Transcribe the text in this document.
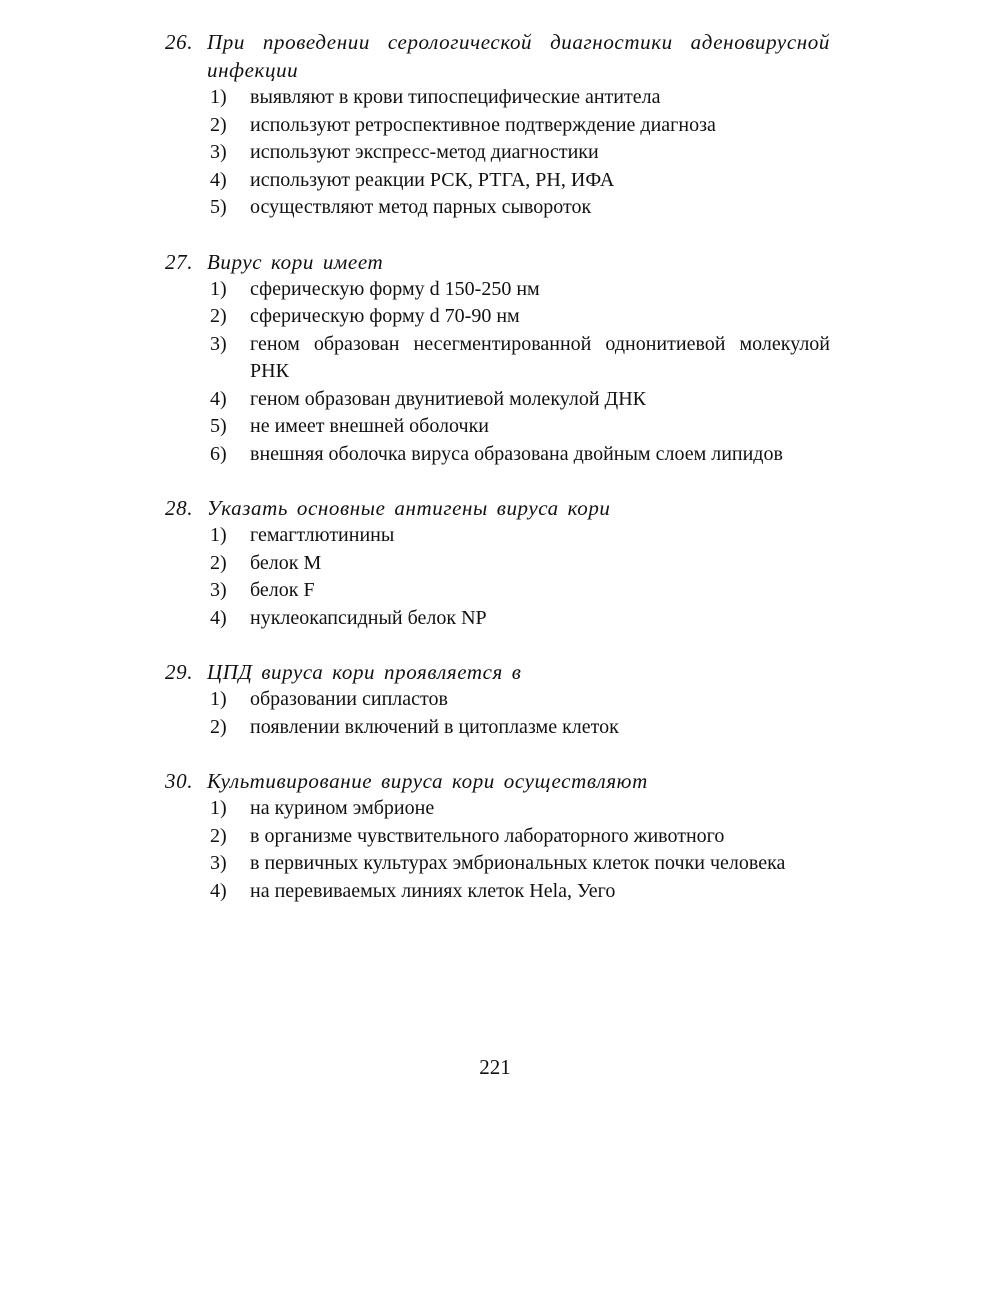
26. При проведении серологической диагностики аденовирусной инфекции
1)	выявляют в крови типоспецифические антитела
2)	используют ретроспективное подтверждение диагноза
3)	используют экспресс-метод диагностики
4)	используют реакции РСК, РТГА, РН, ИФА
5)	осуществляют метод парных сывороток
27. Вирус кори имеет
1)	сферическую форму d 150-250 нм
2)	сферическую форму d 70-90 нм
3)	геном образован несегментированной однонитиевой молекулой РНК
4)	геном образован двунитиевой молекулой ДНК
5)	не имеет внешней оболочки
6)	внешняя оболочка вируса образована двойным слоем липидов
28. Указать основные антигены вируса кори
1)	гемагтлютинины
2)	белок М
3)	белок F
4)	нуклеокапсидный белок NP
29. ЦПД вируса кори проявляется в
1)	образовании сипластов
2)	появлении включений в цитоплазме клеток
30. Культивирование вируса кори осуществляют
1)	на курином эмбрионе
2)	в организме чувствительного лабораторного животного
3)	в первичных культурах эмбриональных клеток почки человека
4)	на перевиваемых линиях клеток Hela, Уего
221
